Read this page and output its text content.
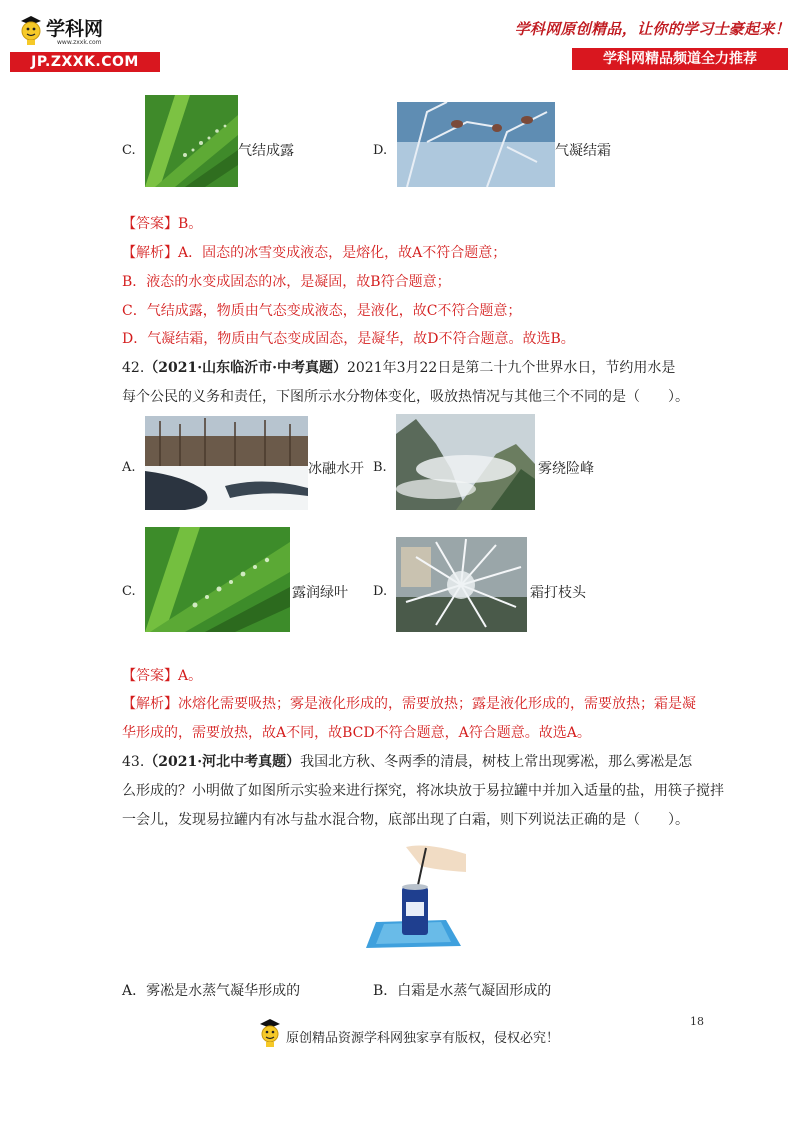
学科网
www.zxxk.com
JP.ZXXK.COM
学科网原创精品，让你的学习士豪起来！
学科网精品频道全力推荐
C.	气结成露	D.	气凝结霜
【答案】B。
【解析】A．固态的冰雪变成液态，是熔化，故A不符合题意；
B．液态的水变成固态的冰，是凝固，故B符合题意；
C．气结成露，物质由气态变成液态，是液化，故C不符合题意；
D．气凝结霜，物质由气态变成固态，是凝华，故D不符合题意。故选B。
42.（2021·山东临沂市·中考真题）2021年3月22日是第二十九个世界水日，节约用水是
每个公民的义务和责任，下图所示水分物体变化，吸放热情况与其他三个不同的是（　　）。
A.	冰融水开 B.	雾绕险峰
C.	露润绿叶 D.	霜打枝头
【答案】A。
【解析】冰熔化需要吸热；雾是液化形成的，需要放热；露是液化形成的，需要放热；霜是凝
华形成的，需要放热，故A不同，故BCD不符合题意，A符合题意。故选A。
43.（2021·河北中考真题）我国北方秋、冬两季的清晨，树枝上常出现雾凇，那么雾凇是怎
么形成的？小明做了如图所示实验来进行探究，将冰块放于易拉罐中并加入适量的盐，用筷子搅拌
一会儿，发现易拉罐内有冰与盐水混合物，底部出现了白霜，则下列说法正确的是（　　）。
A．雾凇是水蒸气凝华形成的	B．白霜是水蒸气凝固形成的
18
原创精品资源学科网独家享有版权，侵权必究！
